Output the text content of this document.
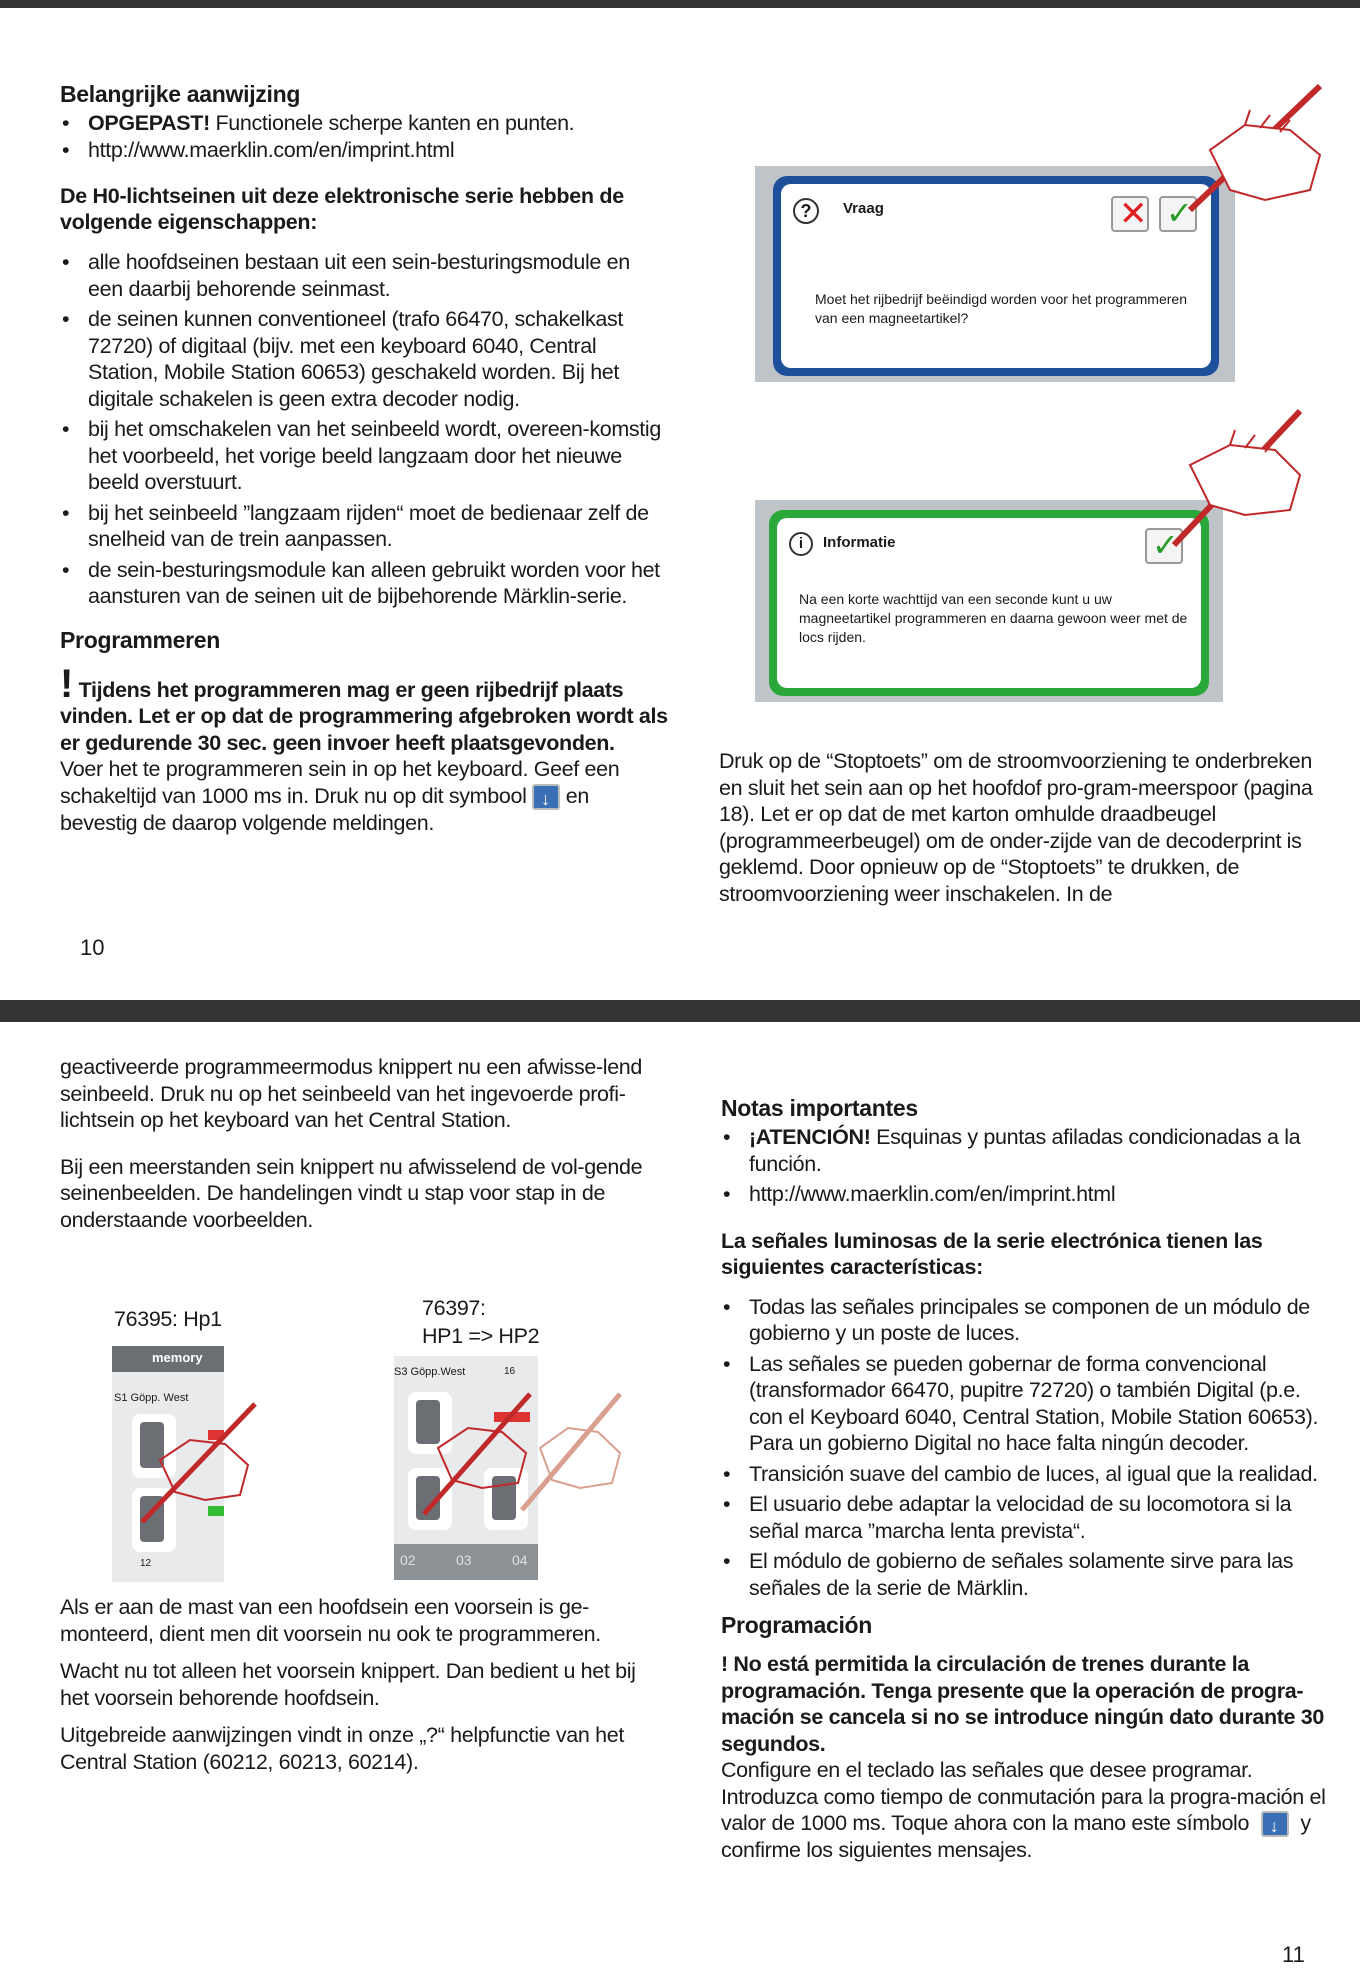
Belangrijke aanwijzing
• OPGEPAST! Functionele scherpe kanten en punten.
• http://www.maerklin.com/en/imprint.html
De H0-lichtseinen uit deze elektronische serie hebben de volgende eigenschappen:
• alle hoofdseinen bestaan uit een sein-besturingsmodule en een daarbij behorende seinmast.
• de seinen kunnen conventioneel (trafo 66470, schakelkast 72720) of digitaal (bijv. met een keyboard 6040, Central Station, Mobile Station 60653) geschakeld worden. Bij het digitale schakelen is geen extra decoder nodig.
• bij het omschakelen van het seinbeeld wordt, overeen-komstig het voorbeeld, het vorige beeld langzaam door het nieuwe beeld overstuurt.
• bij het seinbeeld ”langzaam rijden“ moet de bedienaar zelf de snelheid van de trein aanpassen.
• de sein-besturingsmodule kan alleen gebruikt worden voor het aansturen van de seinen uit de bijbehorende Märklin-serie.
Programmeren
! Tijdens het programmeren mag er geen rijbedrijf plaats vinden. Let er op dat de programmering afgebroken wordt als er gedurende 30 sec. geen invoer heeft plaatsgevonden.
Voer het te programmeren sein in op het keyboard. Geef een schakeltijd van 1000 ms in. Druk nu op dit symbool ↓ en bevestig de daarop volgende meldingen.
10
?	Vraag	✕ ✓
Moet het rijbedrijf beëindigd worden voor het programmeren van een magneetartikel?
i	Informatie	✓
Na een korte wachttijd van een seconde kunt u uw magneetartikel programmeren en daarna gewoon weer met de locs rijden.
Druk op de “Stoptoets” om de stroomvoorziening te onderbreken en sluit het sein aan op het hoofdof pro-gram-meerspoor (pagina 18). Let er op dat de met karton omhulde draadbeugel (programmeerbeugel) om de onder-zijde van de decoderprint is geklemd. Door opnieuw op de “Stoptoets” te drukken, de stroomvoorziening weer inschakelen. In de

geactiveerde programmeermodus knippert nu een afwisse-lend seinbeeld. Druk nu op het seinbeeld van het ingevoerde profi-lichtsein op het keyboard van het Central Station.

Bij een meerstanden sein knippert nu afwisselend de vol-gende seinenbeelden. De handelingen vindt u stap voor stap in de onderstaande voorbeelden.

76395: Hp1	76397:
HP1 => HP2
memory
S1 Göpp. West
12
S3 Göpp.West	16
02	03	04

Als er aan de mast van een hoofdsein een voorsein is ge-monteerd, dient men dit voorsein nu ook te programmeren.

Wacht nu tot alleen het voorsein knippert. Dan bedient u het bij het voorsein behorende hoofdsein.

Uitgebreide aanwijzingen vindt in onze „?“ helpfunctie van het Central Station (60212, 60213, 60214).

Notas importantes
• ¡ATENCIÓN! Esquinas y puntas afiladas condicionadas a la función.
• http://www.maerklin.com/en/imprint.html
La señales luminosas de la serie electrónica tienen las siguientes características:
• Todas las señales principales se componen de un módulo de gobierno y un poste de luces.
• Las señales se pueden gobernar de forma convencional (transformador 66470, pupitre 72720) o también Digital (p.e. con el Keyboard 6040, Central Station, Mobile Station 60653). Para un gobierno Digital no hace falta ningún decoder.
• Transición suave del cambio de luces, al igual que la realidad.
• El usuario debe adaptar la velocidad de su locomotora si la señal marca ”marcha lenta prevista“.
• El módulo de gobierno de señales solamente sirve para las señales de la serie de Märklin.
Programación
! No está permitida la circulación de trenes durante la programación. Tenga presente que la operación de progra-mación se cancela si no se introduce ningún dato durante 30 segundos.
Configure en el teclado las señales que desee programar. Introduzca como tiempo de conmutación para la progra-mación el valor de 1000 ms. Toque ahora con la mano este símbolo ↓ y confirme los siguientes mensajes.
11
